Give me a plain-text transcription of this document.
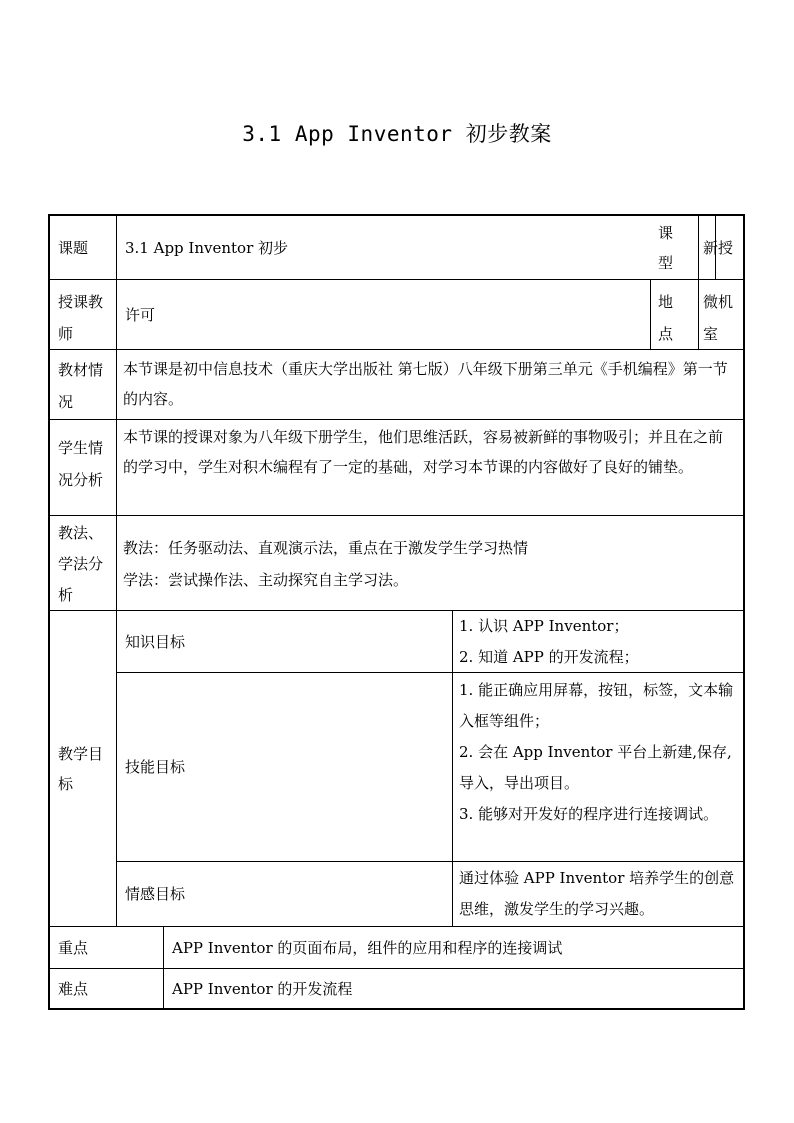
3.1 App Inventor 初步教案
课题 3.1 App Inventor 初步
课型
新授
授课教师
许可
地点
微机室
教材情况
本节课是初中信息技术（重庆大学出版社 第七版）八年级下册第三单元《手机编程》第一节的内容。
学生情况分析
本节课的授课对象为八年级下册学生，他们思维活跃，容易被新鲜的事物吸引；并且在之前的学习中，学生对积木编程有了一定的基础，对学习本节课的内容做好了良好的铺垫。
教法、学法分析
教法：任务驱动法、直观演示法，重点在于激发学生学习热情
学法：尝试操作法、主动探究自主学习法。
教学目标
知识目标
1. 认识 APP Inventor；
2. 知道 APP 的开发流程；
技能目标
1. 能正确应用屏幕，按钮，标签，文本输入框等组件；
2. 会在 App Inventor 平台上新建,保存,导入，导出项目。
3. 能够对开发好的程序进行连接调试。
情感目标
通过体验 APP Inventor 培养学生的创意思维，激发学生的学习兴趣。
重点	APP Inventor 的页面布局，组件的应用和程序的连接调试
难点	APP Inventor 的开发流程
